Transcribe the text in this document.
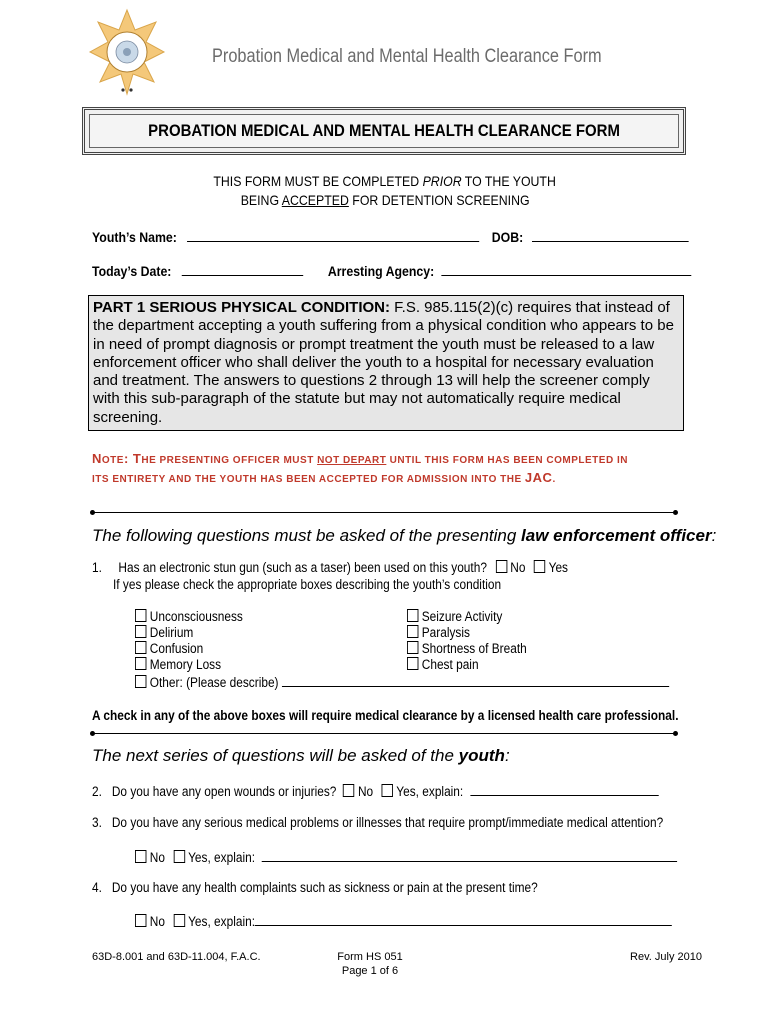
Probation Medical and Mental Health Clearance Form
PROBATION MEDICAL AND MENTAL HEALTH CLEARANCE FORM
THIS FORM MUST BE COMPLETED PRIOR TO THE YOUTH
BEING ACCEPTED FOR DETENTION SCREENING
Youth’s Name:	DOB:
Today’s Date:	Arresting Agency:
PART 1 SERIOUS PHYSICAL CONDITION: F.S. 985.115(2)(c) requires that instead of the department accepting a youth suffering from a physical condition who appears to be in need of prompt diagnosis or prompt treatment the youth must be released to a law enforcement officer who shall deliver the youth to a hospital for necessary evaluation and treatment. The answers to questions 2 through 13 will help the screener comply with this sub-paragraph of the statute but may not automatically require medical screening.
NOTE: THE PRESENTING OFFICER MUST NOT DEPART UNTIL THIS FORM HAS BEEN COMPLETED IN
ITS ENTIRETY AND THE YOUTH HAS BEEN ACCEPTED FOR ADMISSION INTO THE JAC.
The following questions must be asked of the presenting law enforcement officer:
1. Has an electronic stun gun (such as a taser) been used on this youth? No Yes
If yes please check the appropriate boxes describing the youth’s condition
Unconsciousness
Delirium
Confusion
Memory Loss
Other: (Please describe)
Seizure Activity
Paralysis
Shortness of Breath
Chest pain
A check in any of the above boxes will require medical clearance by a licensed health care professional.
The next series of questions will be asked of the youth:
2. Do you have any open wounds or injuries? No Yes, explain:
3. Do you have any serious medical problems or illnesses that require prompt/immediate medical attention?
No Yes, explain:
4. Do you have any health complaints such as sickness or pain at the present time?
No Yes, explain:
63D-8.001 and 63D-11.004, F.A.C.	Form HS 051
Page 1 of 6
Rev. July 2010
